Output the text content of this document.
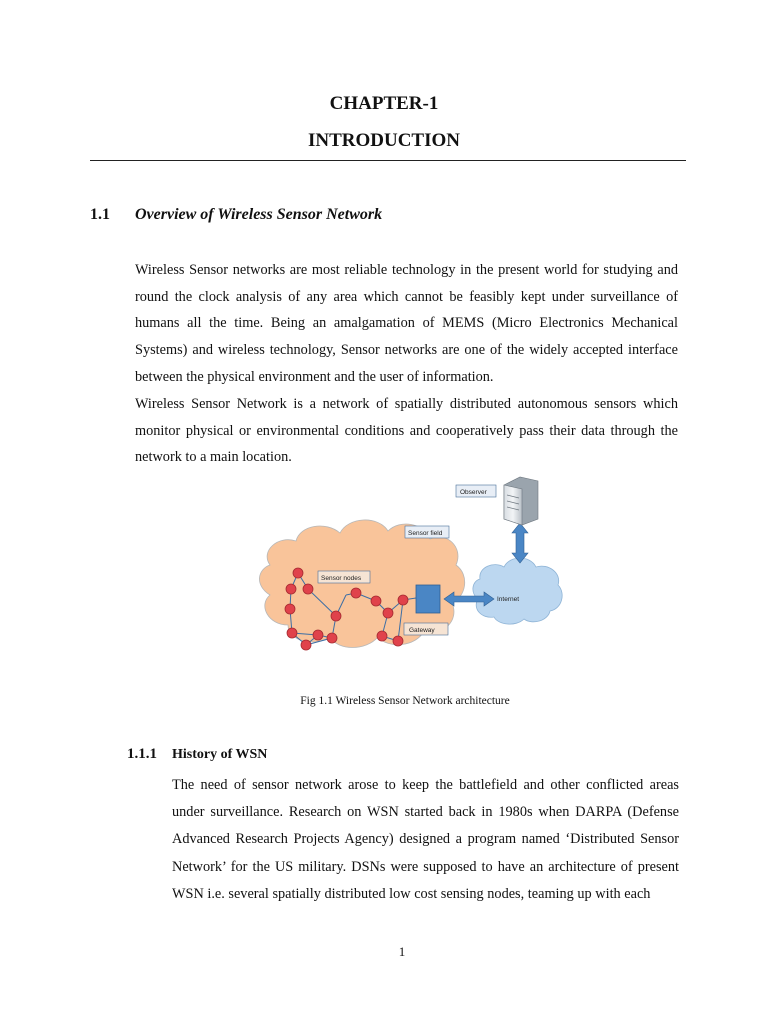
CHAPTER-1
INTRODUCTION
1.1 Overview of Wireless Sensor Network

Wireless Sensor networks are most reliable technology in the present world for studying and round the clock analysis of any area which cannot be feasibly kept under surveillance of humans all the time. Being an amalgamation of MEMS (Micro Electronics Mechanical Systems) and wireless technology, Sensor networks are one of the widely accepted interface between the physical environment and the user of information.

Wireless Sensor Network is a network of spatially distributed autonomous sensors which monitor physical or environmental conditions and cooperatively pass their data through the network to a main location.

Observer
Sensor field
Sensor nodes
Internet
Gateway
Fig 1.1 Wireless Sensor Network architecture
1.1.1 History of WSN

The need of sensor network arose to keep the battlefield and other conflicted areas under surveillance. Research on WSN started back in 1980s when DARPA (Defense Advanced Research Projects Agency) designed a program named ‘Distributed Sensor Network’ for the US military. DSNs were supposed to have an architecture of present WSN i.e. several spatially distributed low cost sensing nodes, teaming up with each

1
